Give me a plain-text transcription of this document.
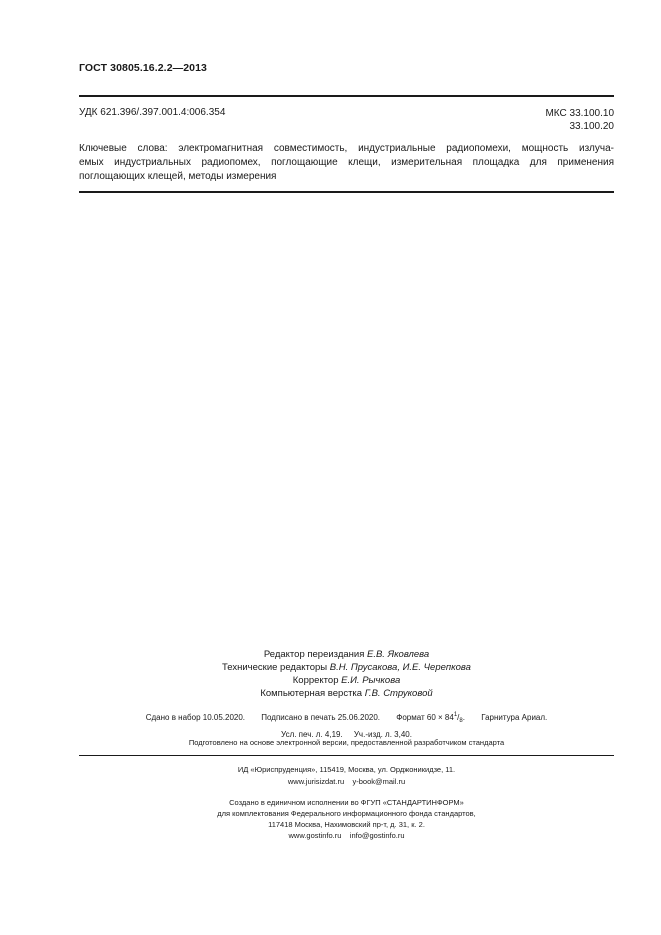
ГОСТ 30805.16.2.2—2013
УДК 621.396/.397.001.4:006.354	МКС 33.100.10
33.100.20
Ключевые слова: электромагнитная совместимость, индустриальные радиопомехи, мощность излуча-
емых индустриальных радиопомех, поглощающие клещи, измерительная площадка для применения
поглощающих клещей, методы измерения
Редактор переиздания Е.В. Яковлева
Технические редакторы В.Н. Прусакова, И.Е. Черепкова
Корректор Е.И. Рычкова
Компьютерная верстка Г.В. Струковой
Сдано в набор 10.05.2020. Подписано в печать 25.06.2020. Формат $60 \times 84^1/_8$. Гарнитура Ариал.
Усл. печ. л. 4,19. Уч.-изд. л. 3,40.
Подготовлено на основе электронной версии, предоставленной разработчиком стандарта
ИД «Юриспруденция», 115419, Москва, ул. Орджоникидзе, 11.
www.jurisizdat.ru y-book@mail.ru
Создано в единичном исполнении во ФГУП «СТАНДАРТИНФОРМ»
для комплектования Федерального информационного фонда стандартов,
117418 Москва, Нахимовский пр-т, д. 31, к. 2.
www.gostinfo.ru info@gostinfo.ru
